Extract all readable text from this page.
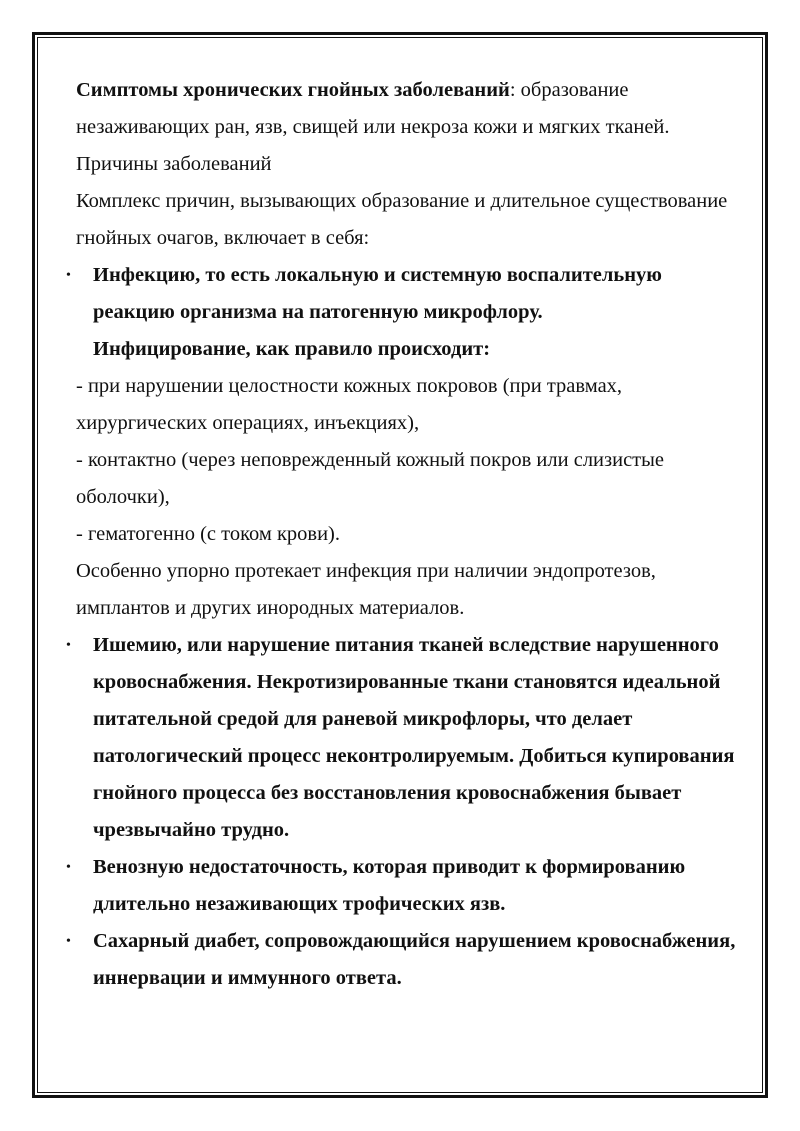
Симптомы хронических гнойных заболеваний: образование незаживающих ран, язв, свищей или некроза кожи и мягких тканей.

Причины заболеваний

Комплекс причин, вызывающих образование и длительное существование гнойных очагов, включает в себя:

• Инфекцию, то есть локальную и системную воспалительную реакцию организма на патогенную микрофлору.

Инфицирование, как правило происходит:

- при нарушении целостности кожных покровов (при травмах, хирургических операциях, инъекциях),

- контактно (через неповрежденный кожный покров или слизистые оболочки),

- гематогенно (с током крови).

Особенно упорно протекает инфекция при наличии эндопротезов, имплантов и других инородных материалов.

• Ишемию, или нарушение питания тканей вследствие нарушенного кровоснабжения. Некротизированные ткани становятся идеальной питательной средой для раневой микрофлоры, что делает патологический процесс неконтролируемым. Добиться купирования гнойного процесса без восстановления кровоснабжения бывает чрезвычайно трудно.

• Венозную недостаточность, которая приводит к формированию длительно незаживающих трофических язв.

• Сахарный диабет, сопровождающийся нарушением кровоснабжения, иннервации и иммунного ответа.
